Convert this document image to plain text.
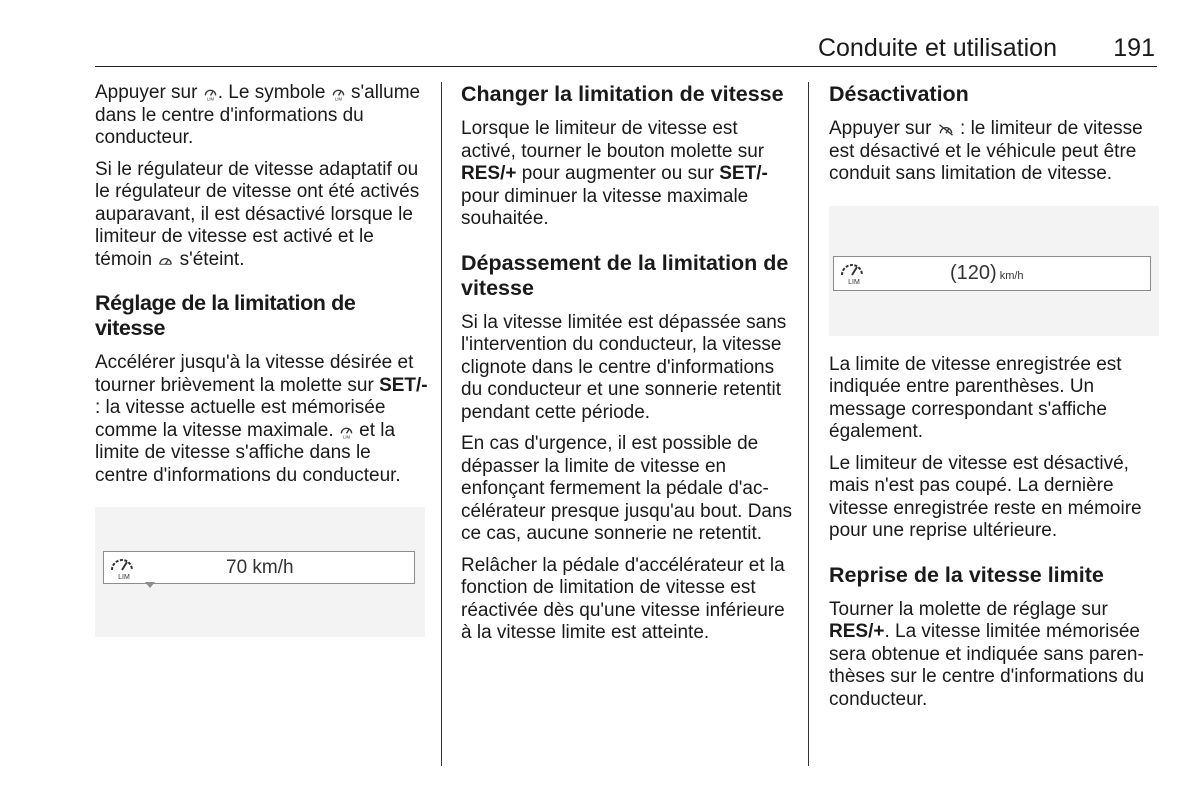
Conduite et utilisation 191

Appuyer sur LIM . Le symbole LIM s'allume dans le centre d'informations du conducteur.

Si le régulateur de vitesse adaptatif ou le régulateur de vitesse ont été activés auparavant, il est désactivé lorsque le limiteur de vitesse est activé et le témoin  s'éteint.

Réglage de la limitation de vitesse

Accélérer jusqu'à la vitesse désirée et tourner brièvement la molette sur SET/- : la vitesse actuelle est mémorisée comme la vitesse maximale. LIM et la limite de vitesse s'affiche dans le centre d'informations du conducteur.

LIM	70 km/h
Changer la limitation de vitesse

Lorsque le limiteur de vitesse est activé, tourner le bouton molette sur RES/+ pour augmenter ou sur SET/- pour diminuer la vitesse maximale souhaitée.

Dépassement de la limitation de vitesse

Si la vitesse limitée est dépassée sans l'intervention du conducteur, la vitesse clignote dans le centre d'informations du conducteur et une sonnerie retentit pendant cette période.

En cas d'urgence, il est possible de dépasser la limite de vitesse en enfonçant fermement la pédale d'accélérateur presque jusqu'au bout. Dans ce cas, aucune sonnerie ne retentit.

Relâcher la pédale d'accélérateur et la fonction de limitation de vitesse est réactivée dès qu'une vitesse inférieure à la vitesse limite est atteinte.

Désactivation

Appuyer sur  : le limiteur de vitesse est désactivé et le véhicule peut être conduit sans limitation de vitesse.

LIM	(120) km/h

La limite de vitesse enregistrée est indiquée entre parenthèses. Un message correspondant s'affiche également.

Le limiteur de vitesse est désactivé, mais n'est pas coupé. La dernière vitesse enregistrée reste en mémoire pour une reprise ultérieure.

Reprise de la vitesse limite

Tourner la molette de réglage sur RES/+. La vitesse limitée mémorisée sera obtenue et indiquée sans parenthèses sur le centre d'informations du conducteur.
